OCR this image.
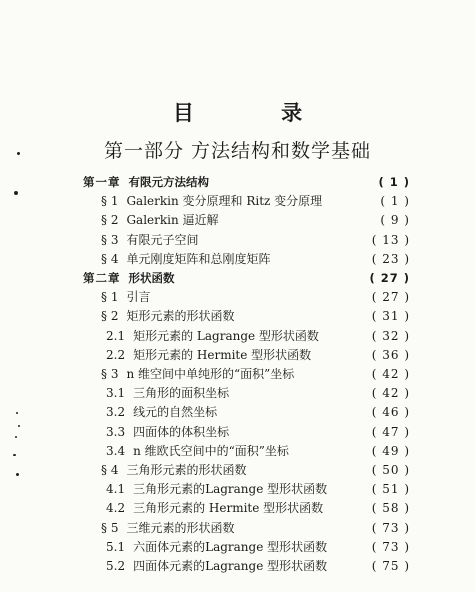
目 录
第一部分 方法结构和数学基础
第一章 有限元方法结构	( 1 )
§ 1 Galerkin 变分原理和 Ritz 变分原理	( 1 )
§ 2 Galerkin 逼近解	( 9 )
§ 3 有限元子空间	( 13 )
§ 4 单元刚度矩阵和总刚度矩阵	( 23 )
第二章 形状函数	( 27 )
§ 1 引言	( 27 )
§ 2 矩形元素的形状函数	( 31 )
2.1 矩形元素的 Lagrange 型形状函数	( 32 )
2.2 矩形元素的 Hermite 型形状函数	( 36 )
§ 3 n 维空间中单纯形的“面积”坐标	( 42 )
3.1 三角形的面积坐标	( 42 )
3.2 线元的自然坐标	( 46 )
3.3 四面体的体积坐标	( 47 )
3.4 n 维欧氏空间中的“面积”坐标	( 49 )
§ 4 三角形元素的形状函数	( 50 )
4.1 三角形元素的Lagrange 型形状函数	( 51 )
4.2 三角形元素的 Hermite 型形状函数	( 58 )
§ 5 三维元素的形状函数	( 73 )
5.1 六面体元素的Lagrange 型形状函数	( 73 )
5.2 四面体元素的Lagrange 型形状函数	( 75 )
